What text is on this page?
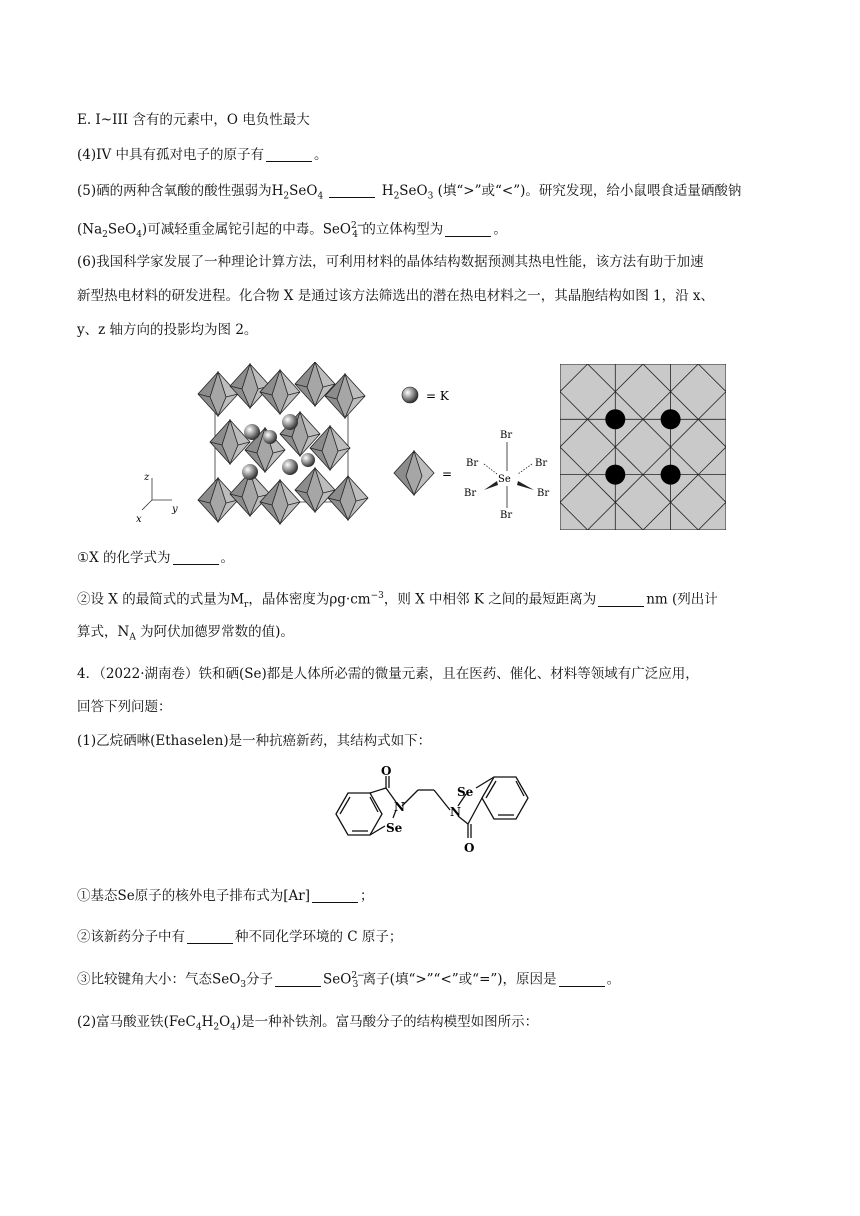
E. I~III 含有的元素中，O 电负性最大
(4)IV 中具有孤对电子的原子有	。
(5)硒的两种含氧酸的酸性强弱为$H_2SeO_4$	$H_2SeO_3$ (填“>”或“<”)。研究发现，给小鼠喂食适量硒酸钠
$(Na_2SeO_4)$可减轻重金属铊引起的中毒。SeO$^{2-}_4$ 的立体构型为	。
(6)我国科学家发展了一种理论计算方法，可利用材料的晶体结构数据预测其热电性能，该方法有助于加速
新型热电材料的研发进程。化合物 X 是通过该方法筛选出的潜在热电材料之一，其晶胞结构如图 1，沿 x、
y、z 轴方向的投影均为图 2。
z
y
x
= K
=
Br
Br
Br
Br
Br
Br
Se
①X 的化学式为	。
②设 X 的最简式的式量为$M_r$，晶体密度为$\rho g\cdot cm^{-3}$，则 X 中相邻 K 之间的最短距离为	nm (列出计
算式，$N_A$ 为阿伏加德罗常数的值)。
4．（2022·湖南卷）铁和硒(Se)都是人体所必需的微量元素，且在医药、催化、材料等领域有广泛应用，
回答下列问题：
(1)乙烷硒啉(Ethaselen)是一种抗癌新药，其结构式如下：
O
N
Se
N
Se
O
①基态Se原子的核外电子排布式为[Ar]	；
②该新药分子中有	种不同化学环境的 C 原子；
③比较键角大小：气态SeO$_3$分子	SeO$^{2-}_3$ 离子(填“>”“<”或“=”)，原因是	。
(2)富马酸亚铁$(FeC_4H_2O_4)$是一种补铁剂。富马酸分子的结构模型如图所示：
